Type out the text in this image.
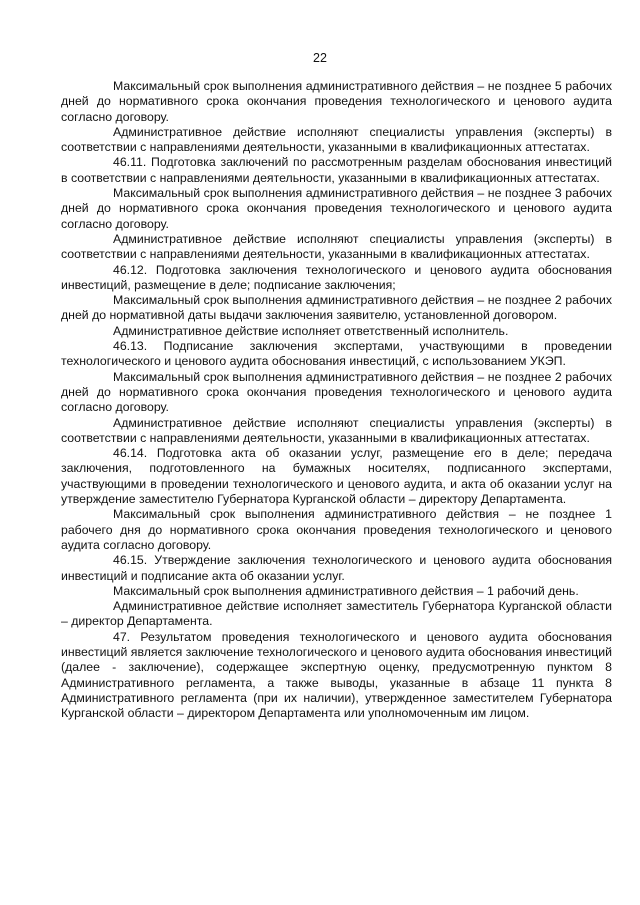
22

Максимальный срок выполнения административного действия – не позднее 5 рабочих дней до нормативного срока окончания проведения технологического и ценового аудита согласно договору.

Административное действие исполняют специалисты управления (эксперты) в соответствии с направлениями деятельности, указанными в квалификационных аттестатах.

46.11. Подготовка заключений по рассмотренным разделам обоснования инвестиций в соответствии с направлениями деятельности, указанными в квалификационных аттестатах.

Максимальный срок выполнения административного действия – не позднее 3 рабочих дней до нормативного срока окончания проведения технологического и ценового аудита согласно договору.

Административное действие исполняют специалисты управления (эксперты) в соответствии с направлениями деятельности, указанными в квалификационных аттестатах.

46.12. Подготовка заключения технологического и ценового аудита обоснования инвестиций, размещение в деле; подписание заключения;

Максимальный срок выполнения административного действия – не позднее 2 рабочих дней до нормативной даты выдачи заключения заявителю, установленной договором.

Административное действие исполняет ответственный исполнитель.

46.13. Подписание заключения экспертами, участвующими в проведении технологического и ценового аудита обоснования инвестиций, с использованием УКЭП.

Максимальный срок выполнения административного действия – не позднее 2 рабочих дней до нормативного срока окончания проведения технологического и ценового аудита согласно договору.

Административное действие исполняют специалисты управления (эксперты) в соответствии с направлениями деятельности, указанными в квалификационных аттестатах.

46.14. Подготовка акта об оказании услуг, размещение его в деле; передача заключения, подготовленного на бумажных носителях, подписанного экспертами, участвующими в проведении технологического и ценового аудита, и акта об оказании услуг на утверждение заместителю Губернатора Курганской области – директору Департамента.

Максимальный срок выполнения административного действия – не позднее 1 рабочего дня до нормативного срока окончания проведения технологического и ценового аудита согласно договору.

46.15. Утверждение заключения технологического и ценового аудита обоснования инвестиций и подписание акта об оказании услуг.

Максимальный срок выполнения административного действия – 1 рабочий день.

Административное действие исполняет заместитель Губернатора Курганской области – директор Департамента.

47. Результатом проведения технологического и ценового аудита обоснования инвестиций является заключение технологического и ценового аудита обоснования инвестиций (далее - заключение), содержащее экспертную оценку, предусмотренную пунктом 8 Административного регламента, а также выводы, указанные в абзаце 11 пункта 8 Административного регламента (при их наличии), утвержденное заместителем Губернатора Курганской области – директором Департамента или уполномоченным им лицом.
